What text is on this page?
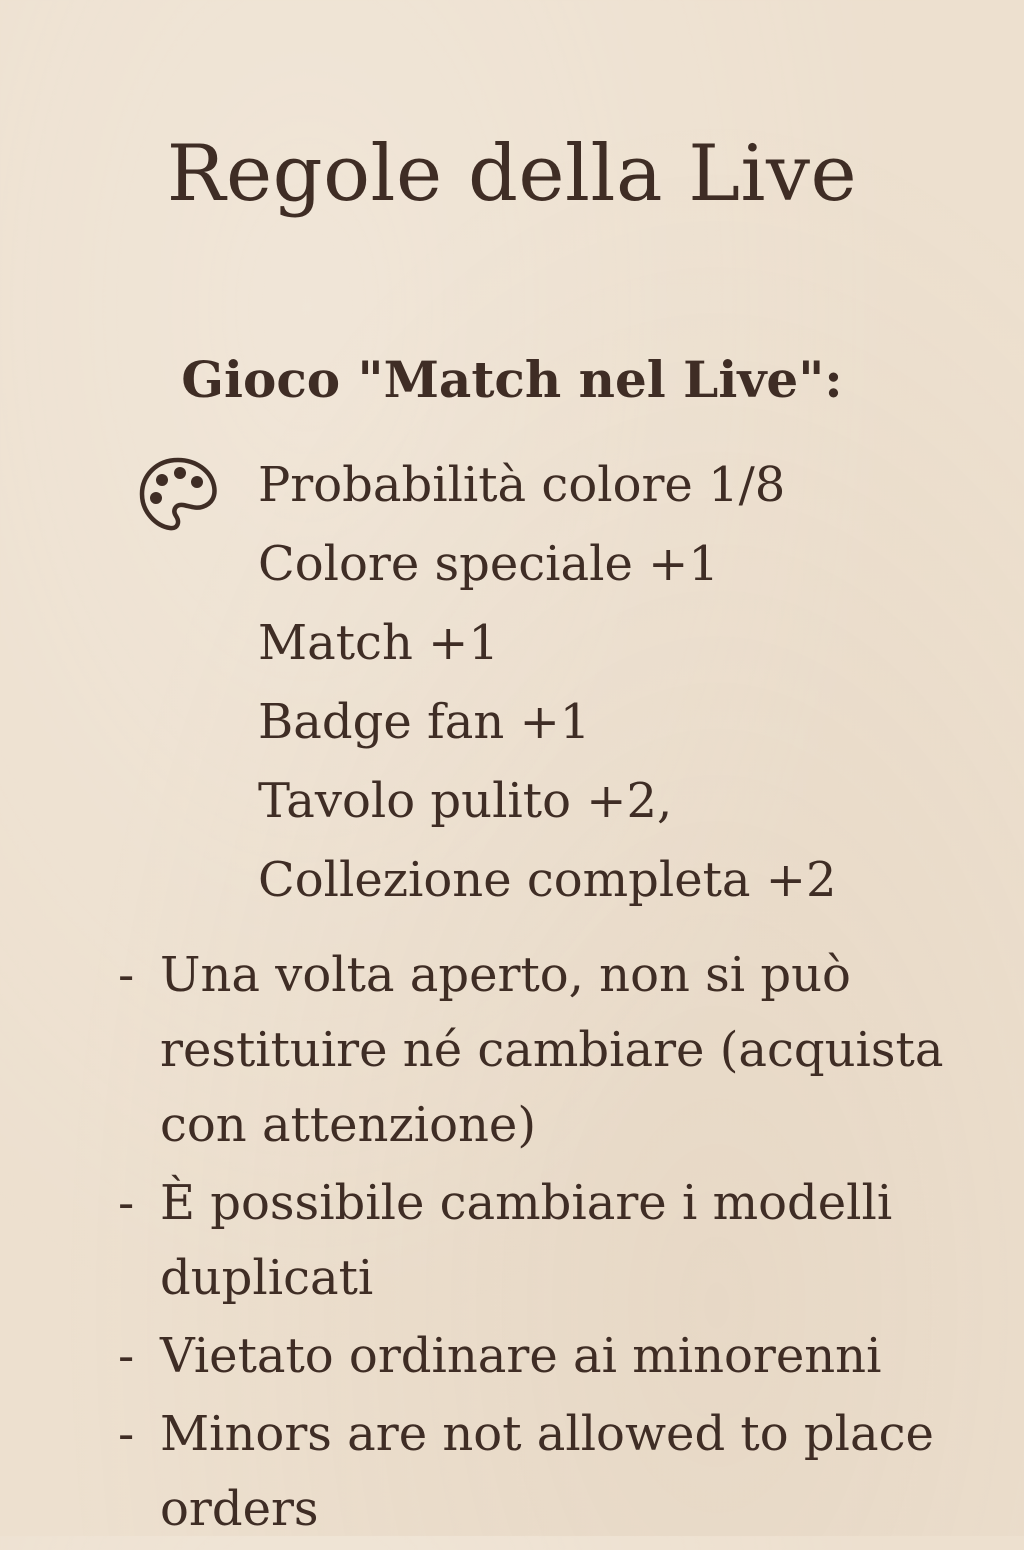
Regole della Live
Gioco "Match nel Live":
Probabilità colore 1/8
Colore speciale +1
Match +1
Badge fan +1
Tavolo pulito +2,
Collezione completa +2
- Una volta aperto, non si può restituire né cambiare (acquista con attenzione)
- È possibile cambiare i modelli duplicati
- Vietato ordinare ai minorenni
- Minors are not allowed to place orders
